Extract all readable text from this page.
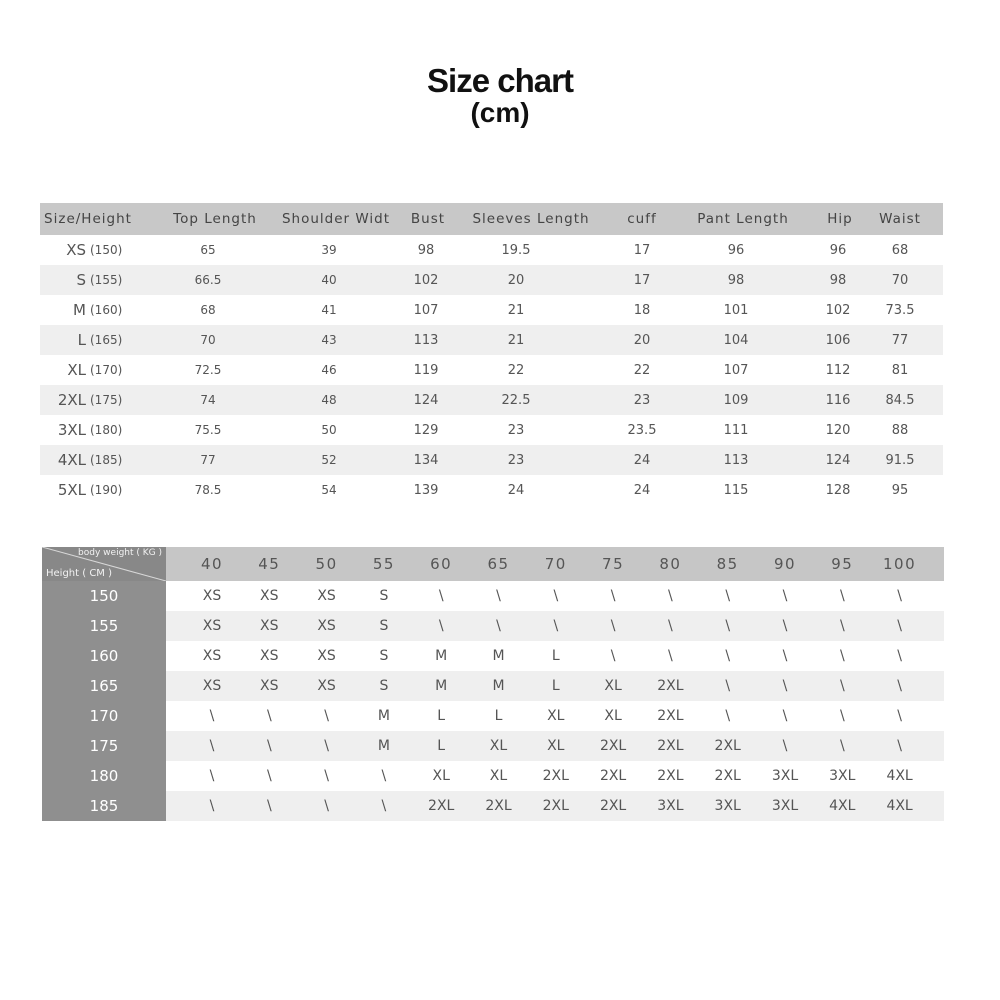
Size chart
(cm)
Size/Height	Top Length	Shoulder Widt	Bust	Sleeves Length	cuff	Pant Length	Hip	Waist
XS (150)	65	39	98	19.5	17	96	96	68
S (155)	66.5	40	102	20	17	98	98	70
M (160)	68	41	107	21	18	101	102	73.5
L (165)	70	43	113	21	20	104	106	77
XL (170)	72.5	46	119	22	22	107	112	81
2XL (175)	74	48	124	22.5	23	109	116	84.5
3XL (180)	75.5	50	129	23	23.5	111	120	88
4XL (185)	77	52	134	23	24	113	124	91.5
5XL (190)	78.5	54	139	24	24	115	128	95
body weight ( KG )
Height ( CM )
40	45	50	55	60	65	70	75	80	85	90	95	100
150	XS	XS	XS	S	\	\	\	\	\	\	\	\	\
155	XS	XS	XS	S	\	\	\	\	\	\	\	\	\
160	XS	XS	XS	S	M	M	L	\	\	\	\	\	\
165	XS	XS	XS	S	M	M	L	XL	2XL	\	\	\	\
170	\	\	\	M	L	L	XL	XL	2XL	\	\	\	\
175	\	\	\	M	L	XL	XL	2XL	2XL	2XL	\	\	\
180	\	\	\	\	XL	XL	2XL	2XL	2XL	2XL	3XL	3XL	4XL
185	\	\	\	\	2XL	2XL	2XL	2XL	3XL	3XL	3XL	4XL	4XL
